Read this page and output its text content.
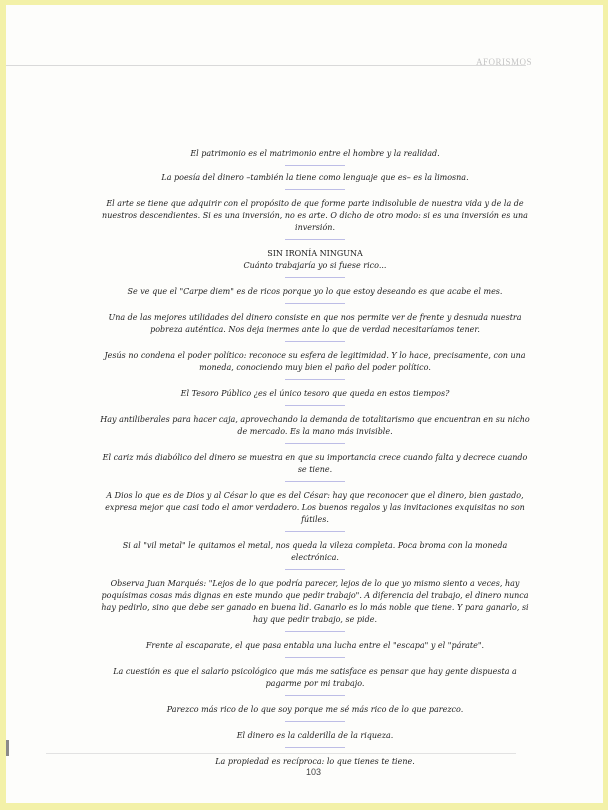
AFORISMOS

El patrimonio es el matrimonio entre el hombre y la realidad.

La poesía del dinero –también la tiene como lenguaje que es– es la limosna.

El arte se tiene que adquirir con el propósito de que forme parte indisoluble de nuestra vida y de la de nuestros descendientes. Si es una inversión, no es arte. O dicho de otro modo: si es una inversión es una inversión.

SIN IRONÍA NINGUNA

Cuánto trabajaría yo si fuese rico...

Se ve que el "Carpe diem" es de ricos porque yo lo que estoy deseando es que acabe el mes.

Una de las mejores utilidades del dinero consiste en que nos permite ver de frente y desnuda nuestra pobreza auténtica. Nos deja inermes ante lo que de verdad necesitaríamos tener.

Jesús no condena el poder político: reconoce su esfera de legitimidad. Y lo hace, precisamente, con una moneda, conociendo muy bien el paño del poder político.

El Tesoro Público ¿es el único tesoro que queda en estos tiempos?

Hay antiliberales para hacer caja, aprovechando la demanda de totalitarismo que encuentran en su nicho de mercado. Es la mano más invisible.

El cariz más diabólico del dinero se muestra en que su importancia crece cuando falta y decrece cuando se tiene.

A Dios lo que es de Dios y al César lo que es del César: hay que reconocer que el dinero, bien gastado, expresa mejor que casi todo el amor verdadero. Los buenos regalos y las invitaciones exquisitas no son fútiles.

Si al "vil metal" le quitamos el metal, nos queda la vileza completa. Poca broma con la moneda electrónica.

Observa Juan Marqués: "Lejos de lo que podría parecer, lejos de lo que yo mismo siento a veces, hay poquísimas cosas más dignas en este mundo que pedir trabajo". A diferencia del trabajo, el dinero nunca hay pedirlo, sino que debe ser ganado en buena lid. Ganarlo es lo más noble que tiene. Y para ganarlo, si hay que pedir trabajo, se pide.

Frente al escaparate, el que pasa entabla una lucha entre el "escapa" y el "párate".

La cuestión es que el salario psicológico que más me satisface es pensar que hay gente dispuesta a pagarme por mi trabajo.

Parezco más rico de lo que soy porque me sé más rico de lo que parezco.

El dinero es la calderilla de la riqueza.

La propiedad es recíproca: lo que tienes te tiene.

103
